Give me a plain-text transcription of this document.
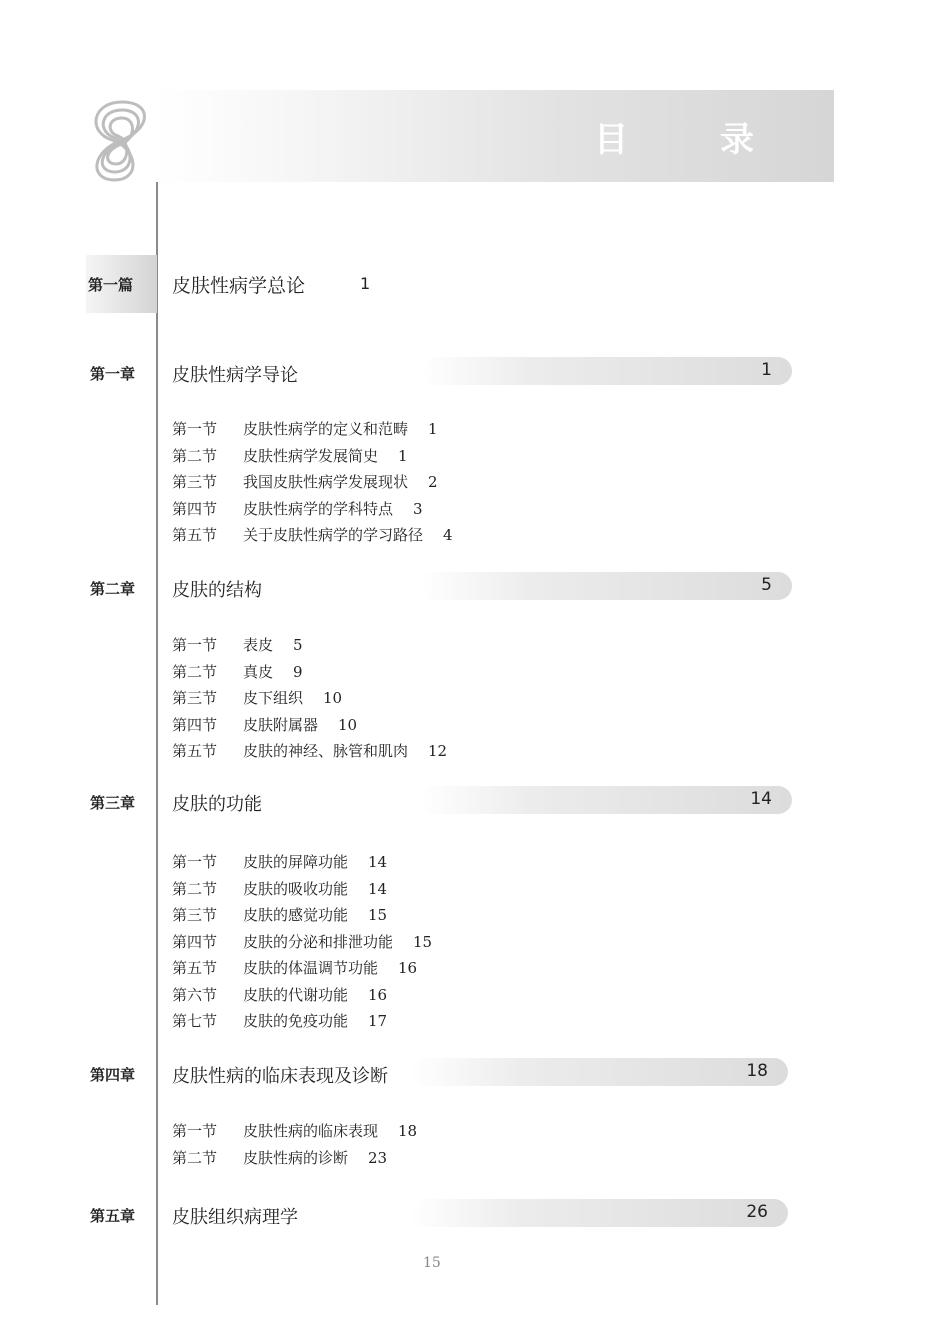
目 录
第一篇 皮肤性病学总论	1
第一章 皮肤性病学导论	1
第一节 皮肤性病学的定义和范畴 1
第二节 皮肤性病学发展简史 1
第三节 我国皮肤性病学发展现状 2
第四节 皮肤性病学的学科特点 3
第五节 关于皮肤性病学的学习路径 4
第二章 皮肤的结构	5
第一节 表皮 5
第二节 真皮 9
第三节 皮下组织 10
第四节 皮肤附属器 10
第五节 皮肤的神经、脉管和肌肉 12
第三章 皮肤的功能	14
第一节 皮肤的屏障功能 14
第二节 皮肤的吸收功能 14
第三节 皮肤的感觉功能 15
第四节 皮肤的分泌和排泄功能 15
第五节 皮肤的体温调节功能 16
第六节 皮肤的代谢功能 16
第七节 皮肤的免疫功能 17
第四章 皮肤性病的临床表现及诊断	18
第一节 皮肤性病的临床表现 18
第二节 皮肤性病的诊断 23
第五章 皮肤组织病理学	26
15
